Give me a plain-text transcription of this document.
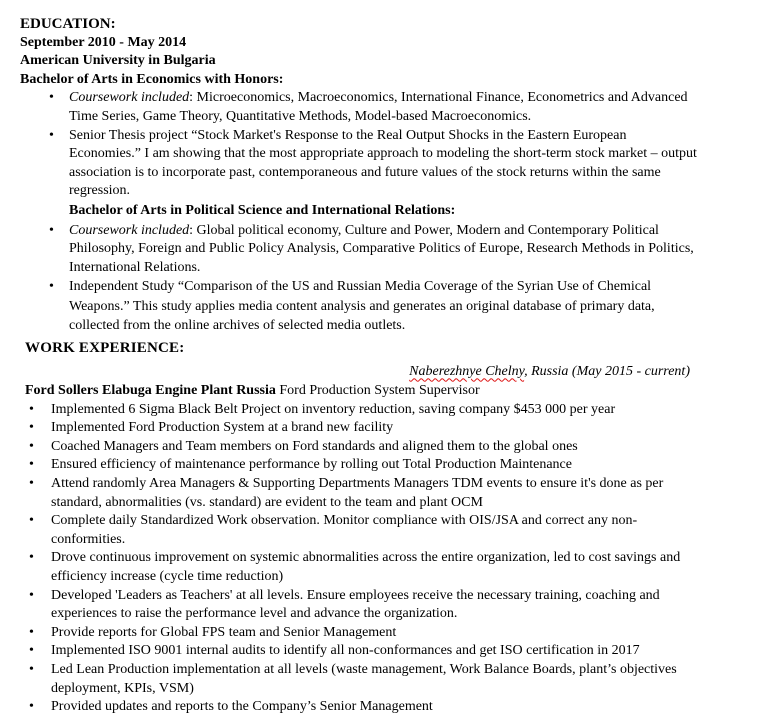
EDUCATION:

September 2010 - May 2014

American University in Bulgaria

Bachelor of Arts in Economics with Honors:

• Coursework included: Microeconomics, Macroeconomics, International Finance, Econometrics and Advanced Time Series, Game Theory, Quantitative Methods, Model-based Macroeconomics.
• Senior Thesis project “Stock Market's Response to the Real Output Shocks in the Eastern European Economies.” I am showing that the most appropriate approach to modeling the short-term stock market – output association is to incorporate past, contemporaneous and future values of the stock returns within the same regression.

Bachelor of Arts in Political Science and International Relations:

• Coursework included: Global political economy, Culture and Power, Modern and Contemporary Political Philosophy, Foreign and Public Policy Analysis, Comparative Politics of Europe, Research Methods in Politics, International Relations.
• Independent Study “Comparison of the US and Russian Media Coverage of the Syrian Use of Chemical Weapons.” This study applies media content analysis and generates an original database of primary data, collected from the online archives of selected media outlets.

WORK EXPERIENCE:

Naberezhnye Chelny, Russia (May 2015 - current)
Ford Sollers Elabuga Engine Plant Russia Ford Production System Supervisor
• Implemented 6 Sigma Black Belt Project on inventory reduction, saving company $453 000 per year
• Implemented Ford Production System at a brand new facility
• Coached Managers and Team members on Ford standards and aligned them to the global ones
• Ensured efficiency of maintenance performance by rolling out Total Production Maintenance
• Attend randomly Area Managers & Supporting Departments Managers TDM events to ensure it's done as per standard, abnormalities (vs. standard) are evident to the team and plant OCM
• Complete daily Standardized Work observation. Monitor compliance with OIS/JSA and correct any non-conformities.
• Drove continuous improvement on systemic abnormalities across the entire organization, led to cost savings and efficiency increase (cycle time reduction)
• Developed 'Leaders as Teachers' at all levels. Ensure employees receive the necessary training, coaching and experiences to raise the performance level and advance the organization.
• Provide reports for Global FPS team and Senior Management
• Implemented ISO 9001 internal audits to identify all non-conformances and get ISO certification in 2017
• Led Lean Production implementation at all levels (waste management, Work Balance Boards, plant’s objectives deployment, KPIs, VSM)
• Provided updates and reports to the Company’s Senior Management
